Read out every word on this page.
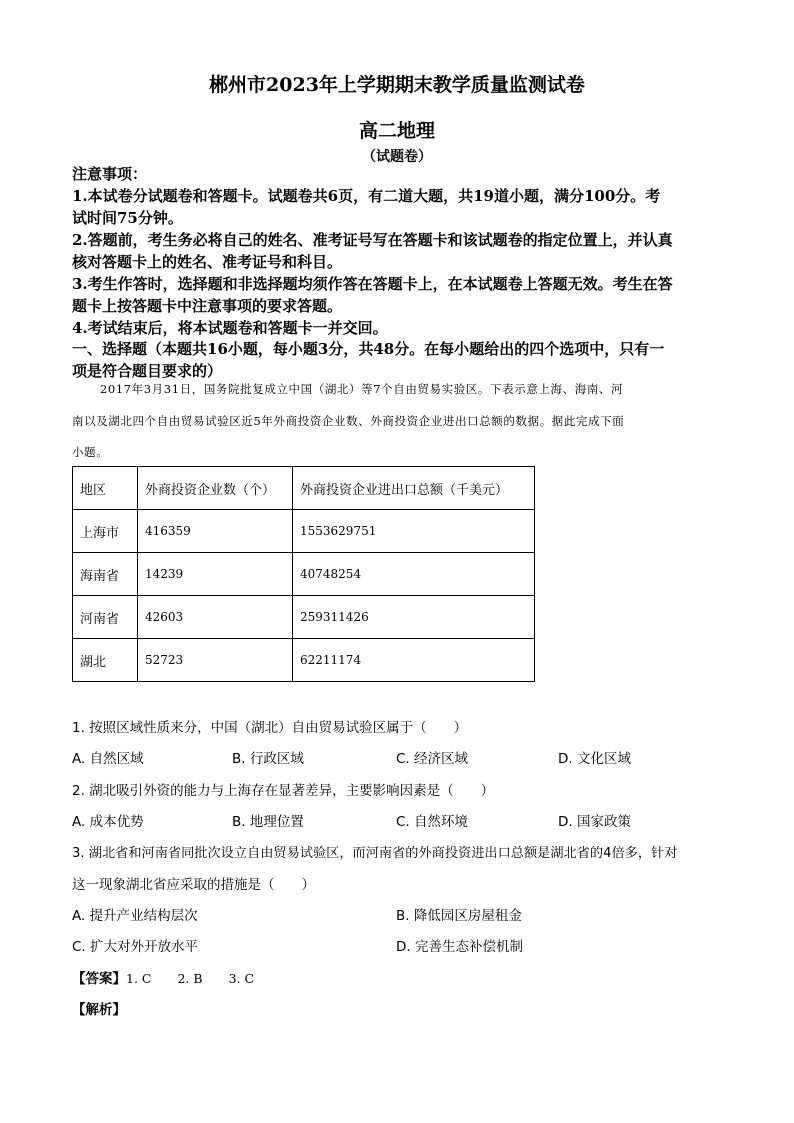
郴州市2023年上学期期末教学质量监测试卷
高二地理
（试题卷）
注意事项：
1.本试卷分试题卷和答题卡。试题卷共6页，有二道大题，共19道小题，满分100分。考
试时间75分钟。
2.答题前，考生务必将自己的姓名、准考证号写在答题卡和该试题卷的指定位置上，并认真
核对答题卡上的姓名、准考证号和科目。
3.考生作答时，选择题和非选择题均须作答在答题卡上，在本试题卷上答题无效。考生在答
题卡上按答题卡中注意事项的要求答题。
4.考试结束后，将本试题卷和答题卡一并交回。
一、选择题（本题共16小题，每小题3分，共48分。在每小题给出的四个选项中，只有一
项是符合题目要求的）
2017年3月31日，国务院批复成立中国（湖北）等7个自由贸易实验区。下表示意上海、海南、河
南以及湖北四个自由贸易试验区近5年外商投资企业数、外商投资企业进出口总额的数据。据此完成下面
小题。
地区	外商投资企业数（个）	外商投资企业进出口总额（千美元）
上海市	416359	1553629751
海南省	14239	40748254
河南省	42603	259311426
湖北	52723	62211174
1. 按照区域性质来分，中国（湖北）自由贸易试验区属于（　　）
A. 自然区域	B. 行政区域	C. 经济区域	D. 文化区域
2. 湖北吸引外资的能力与上海存在显著差异，主要影响因素是（　　）
A. 成本优势	B. 地理位置	C. 自然环境	D. 国家政策
3. 湖北省和河南省同批次设立自由贸易试验区，而河南省的外商投资进出口总额是湖北省的4倍多，针对
这一现象湖北省应采取的措施是（　　）
A. 提升产业结构层次	B. 降低园区房屋租金
C. 扩大对外开放水平	D. 完善生态补偿机制
【答案】1. C 2. B 3. C
【解析】
